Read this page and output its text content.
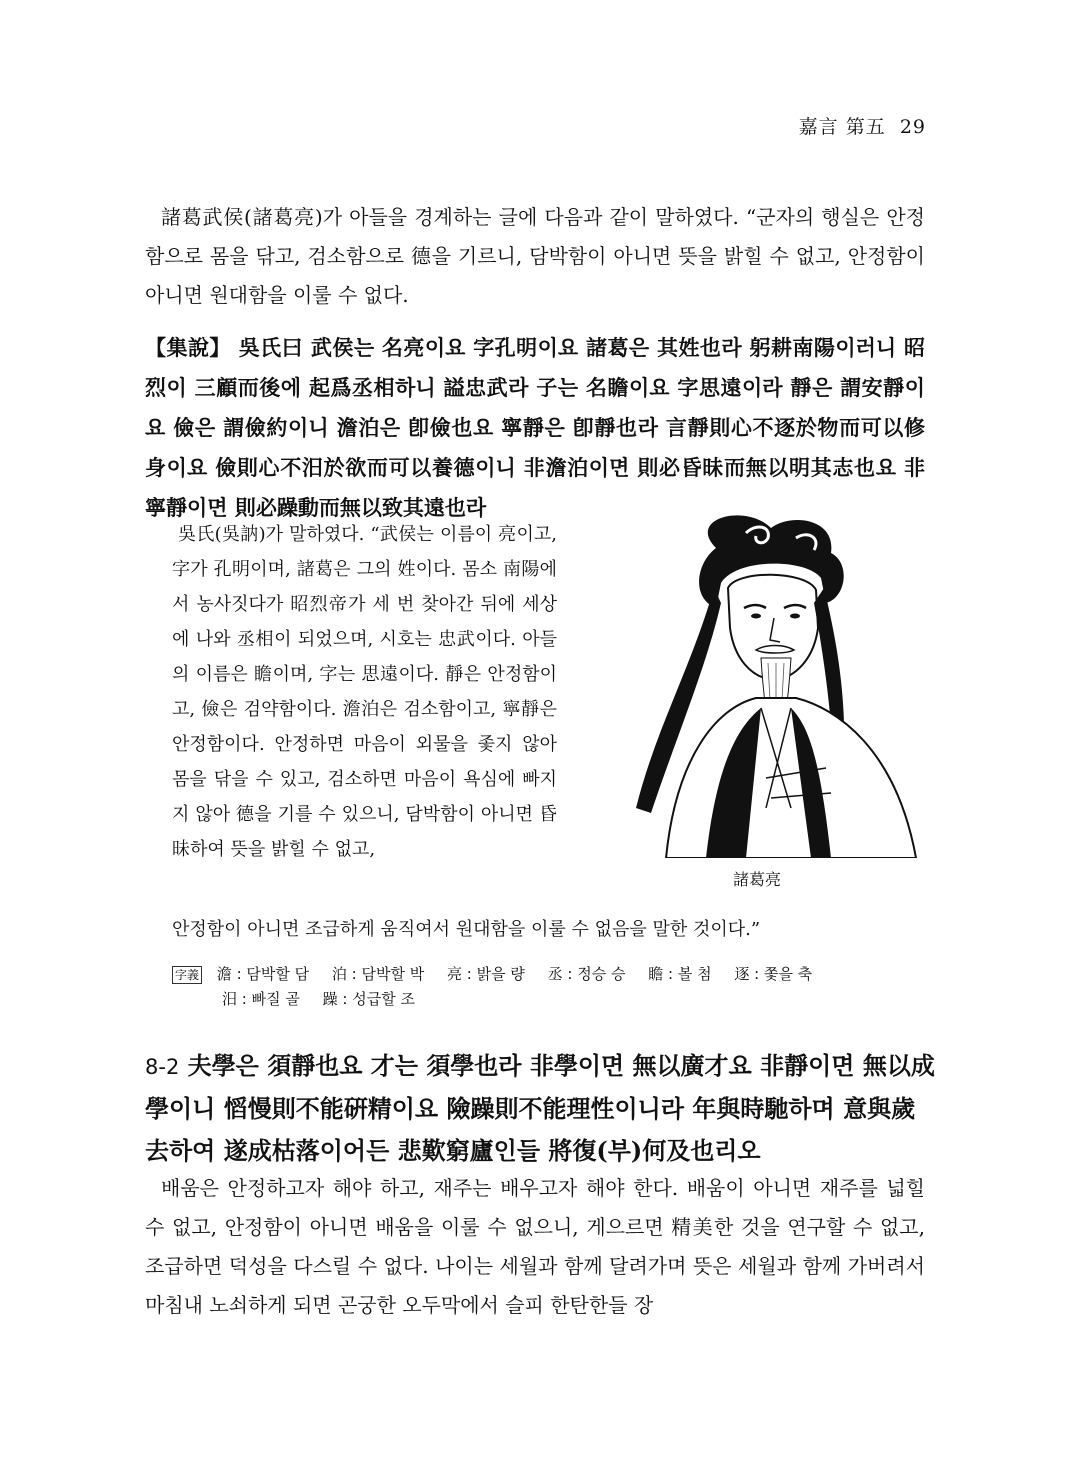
嘉言 第五 29
諸葛武侯(諸葛亮)가 아들을 경계하는 글에 다음과 같이 말하였다. “군자의 행실은 안정함으로 몸을 닦고, 검소함으로 德을 기르니, 담박함이 아니면 뜻을 밝힐 수 없고, 안정함이 아니면 원대함을 이룰 수 없다.
【集說】 吳氏曰 武侯는 名亮이요 字孔明이요 諸葛은 其姓也라 躬耕南陽이러니 昭烈이 三顧而後에 起爲丞相하니 謚忠武라 子는 名瞻이요 字思遠이라 靜은 謂安靜이요 儉은 謂儉約이니 澹泊은 卽儉也요 寧靜은 卽靜也라 言靜則心不逐於物而可以修身이요 儉則心不汨於欲而可以養德이니 非澹泊이면 則必昏昧而無以明其志也요 非寧靜이면 則必躁動而無以致其遠也라
吳氏(吳訥)가 말하였다. “武侯는 이름이 亮이고, 字가 孔明이며, 諸葛은 그의 姓이다. 몸소 南陽에서 농사짓다가 昭烈帝가 세 번 찾아간 뒤에 세상에 나와 丞相이 되었으며, 시호는 忠武이다. 아들의 이름은 瞻이며, 字는 思遠이다. 靜은 안정함이고, 儉은 검약함이다. 澹泊은 검소함이고, 寧靜은 안정함이다. 안정하면 마음이 외물을 좇지 않아 몸을 닦을 수 있고, 검소하면 마음이 욕심에 빠지지 않아 德을 기를 수 있으니, 담박함이 아니면 昏昧하여 뜻을 밝힐 수 없고,
諸葛亮
안정함이 아니면 조급하게 움직여서 원대함을 이룰 수 없음을 말한 것이다.”
字義 澹 : 담박할 담 泊 : 담박할 박 亮 : 밝을 량 丞 : 정승 승 瞻 : 볼 첨 逐 : 쫓을 축
汨 : 빠질 골 躁 : 성급할 조
8-2 夫學은 須靜也요 才는 須學也라 非學이면 無以廣才요 非靜이면 無以成學이니 慆慢則不能硏精이요 險躁則不能理性이니라 年與時馳하며 意與歲去하여 遂成枯落이어든 悲歎窮廬인들 將復(부)何及也리오
배움은 안정하고자 해야 하고, 재주는 배우고자 해야 한다. 배움이 아니면 재주를 넓힐 수 없고, 안정함이 아니면 배움을 이룰 수 없으니, 게으르면 精美한 것을 연구할 수 없고, 조급하면 덕성을 다스릴 수 없다. 나이는 세월과 함께 달려가며 뜻은 세월과 함께 가버려서 마침내 노쇠하게 되면 곤궁한 오두막에서 슬피 한탄한들 장
